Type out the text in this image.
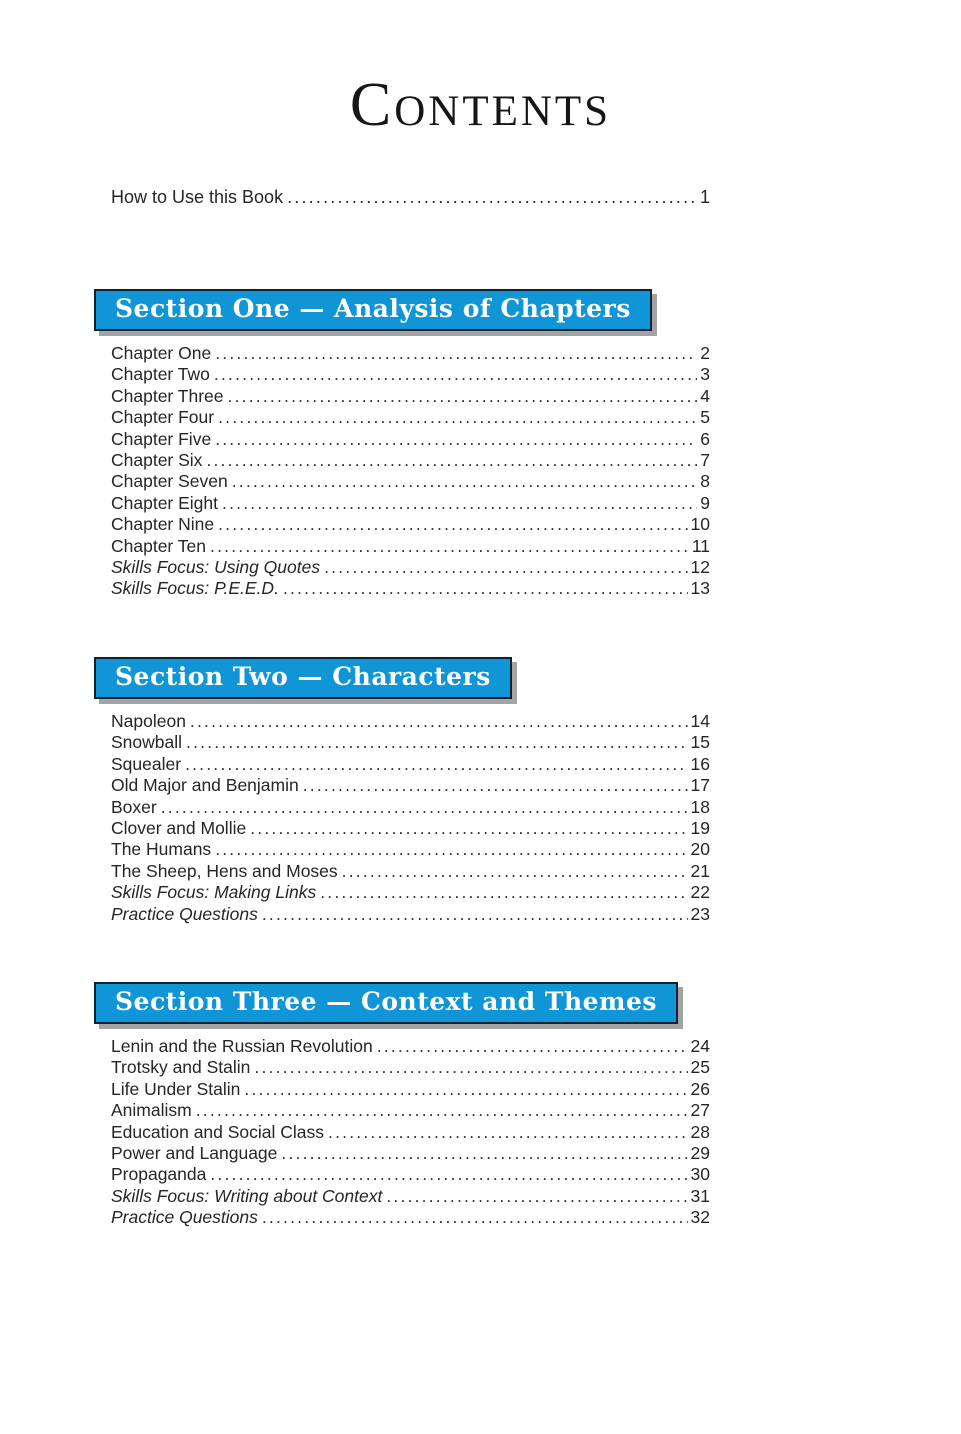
Contents
How to Use this Book .....	1
Section One — Analysis of Chapters
Chapter One .....	2
Chapter Two .....	3
Chapter Three .....	4
Chapter Four .....	5
Chapter Five .....	6
Chapter Six .....	7
Chapter Seven .....	8
Chapter Eight .....	9
Chapter Nine .....	10
Chapter Ten .....	11
Skills Focus: Using Quotes .....	12
Skills Focus: P.E.E.D. .....	13
Section Two — Characters
Napoleon .....	14
Snowball .....	15
Squealer .....	16
Old Major and Benjamin .....	17
Boxer .....	18
Clover and Mollie .....	19
The Humans .....	20
The Sheep, Hens and Moses .....	21
Skills Focus: Making Links .....	22
Practice Questions .....	23
Section Three — Context and Themes
Lenin and the Russian Revolution .....	24
Trotsky and Stalin .....	25
Life Under Stalin .....	26
Animalism .....	27
Education and Social Class .....	28
Power and Language .....	29
Propaganda .....	30
Skills Focus: Writing about Context .....	31
Practice Questions .....	32
